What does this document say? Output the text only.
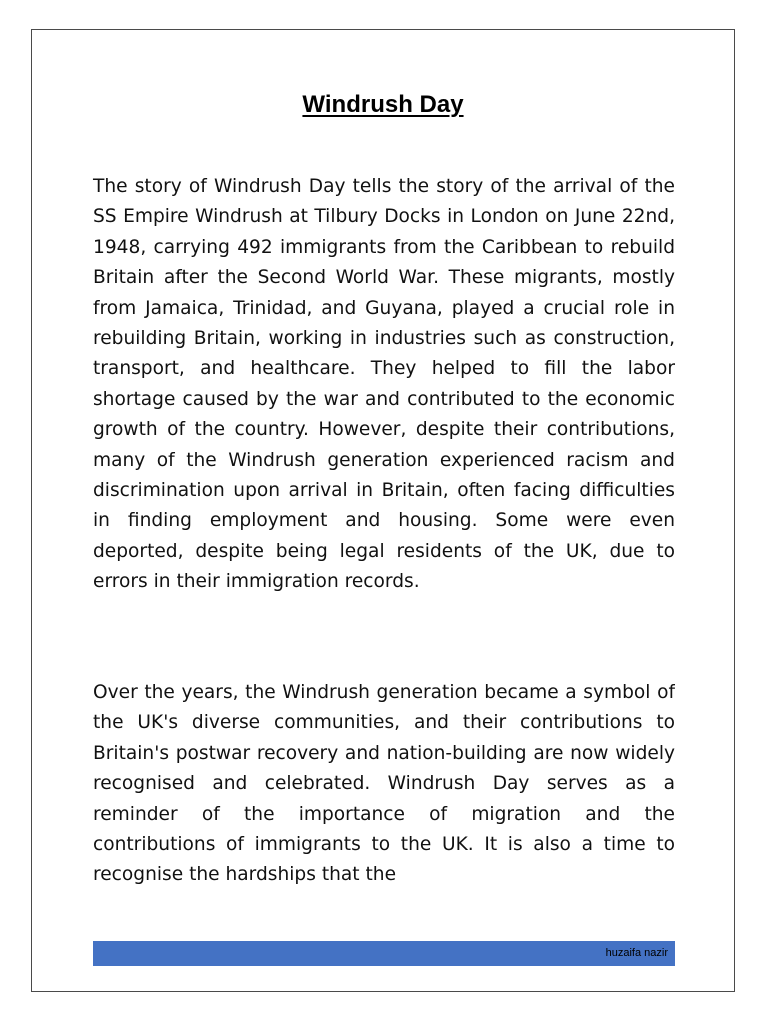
Windrush Day

The story of Windrush Day tells the story of the arrival of the SS Empire Windrush at Tilbury Docks in London on June 22nd, 1948, carrying 492 immigrants from the Caribbean to rebuild Britain after the Second World War. These migrants, mostly from Jamaica, Trinidad, and Guyana, played a crucial role in rebuilding Britain, working in industries such as construction, transport, and healthcare. They helped to fill the labor shortage caused by the war and contributed to the economic growth of the country. However, despite their contributions, many of the Windrush generation experienced racism and discrimination upon arrival in Britain, often facing difficulties in finding employment and housing. Some were even deported, despite being legal residents of the UK, due to errors in their immigration records.

Over the years, the Windrush generation became a symbol of the UK's diverse communities, and their contributions to Britain's postwar recovery and nation-building are now widely recognised and celebrated. Windrush Day serves as a reminder of the importance of migration and the contributions of immigrants to the UK. It is also a time to recognise the hardships that the

huzaifa nazir
